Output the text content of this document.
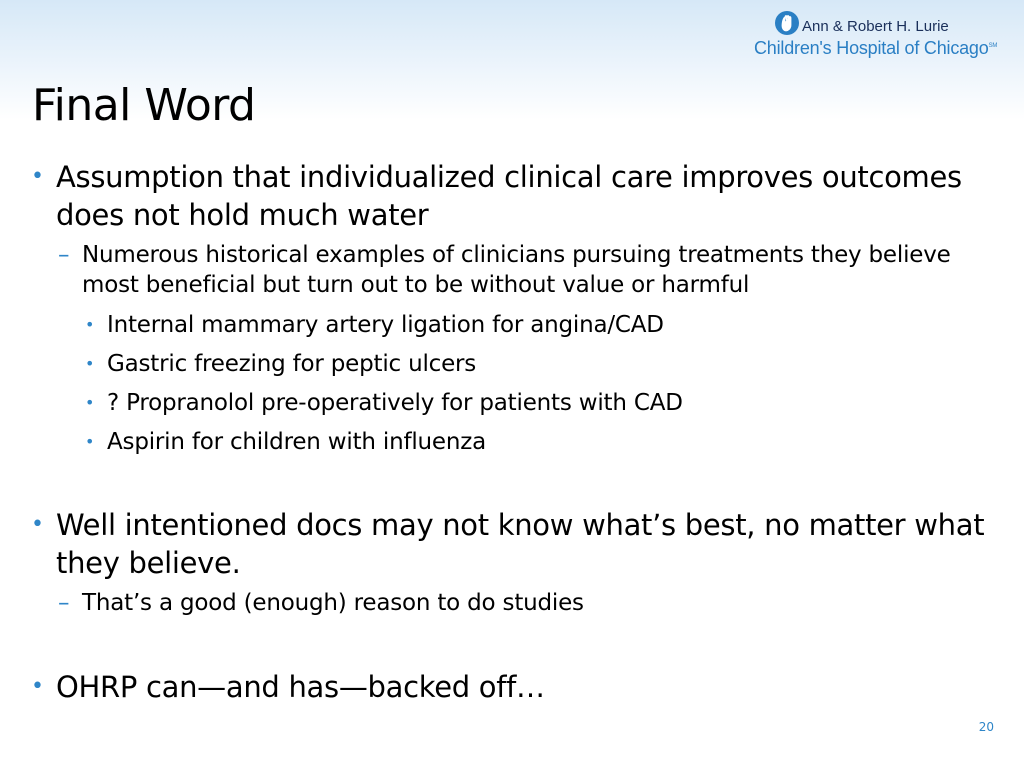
Ann & Robert H. Lurie
Children's Hospital of Chicago℠
Final Word
• Assumption that individualized clinical care improves outcomes does not hold much water
– Numerous historical examples of clinicians pursuing treatments they believe most beneficial but turn out to be without value or harmful
• Internal mammary artery ligation for angina/CAD
• Gastric freezing for peptic ulcers
• ? Propranolol pre-operatively for patients with CAD
• Aspirin for children with influenza
• Well intentioned docs may not know what’s best, no matter what they believe.
– That’s a good (enough) reason to do studies
• OHRP can—and has—backed off…
20
